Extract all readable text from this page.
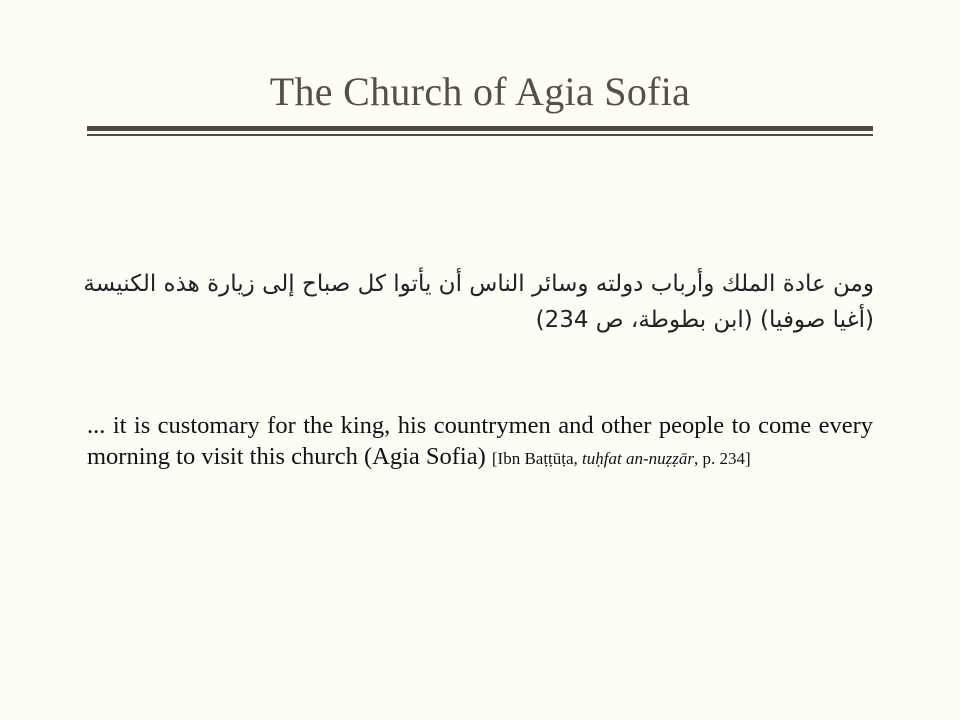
The Church of Agia Sofia
ومن عادة الملك وأرباب دولته وسائر الناس أن يأتوا كل صباح إلى زيارة هذه الكنيسة
(أغيا صوفيا) (ابن بطوطة، ص 234)
... it is customary for the king, his countrymen and other people to come every morning to visit this church (Agia Sofia) [Ibn Baṭṭūṭa, tuḥfat an-nuẓẓār, p. 234]
